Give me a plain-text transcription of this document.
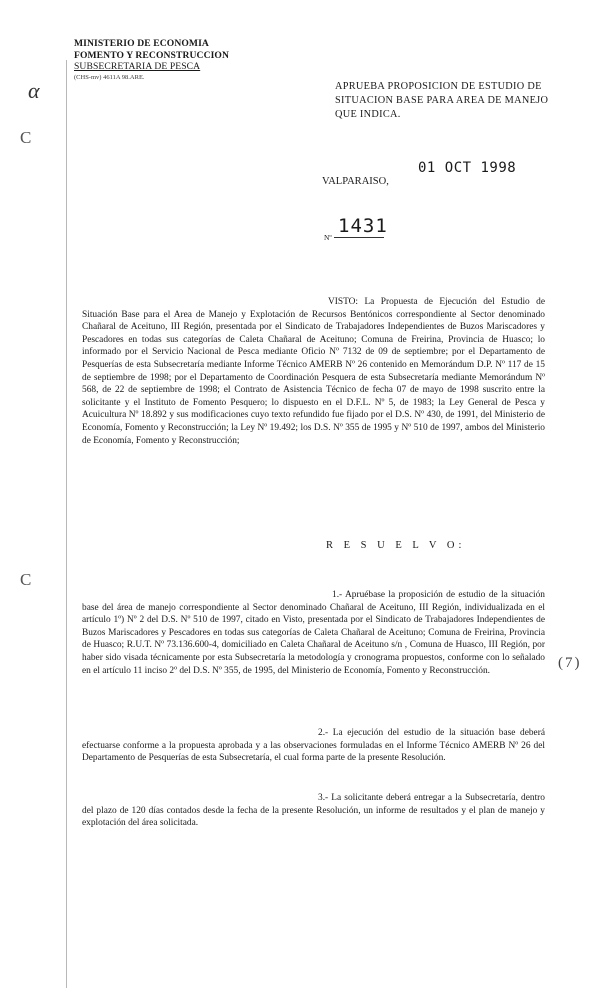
MINISTERIO DE ECONOMIA
FOMENTO Y RECONSTRUCCION
SUBSECRETARIA DE PESCA
(CHS-mv) 4611A 98.ARE.
α
C
C
APRUEBA PROPOSICION DE ESTUDIO DE SITUACION BASE PARA AREA DE MANEJO QUE INDICA.
01 OCT 1998
VALPARAISO,
Nº
1431
VISTO: La Propuesta de Ejecución del Estudio de Situación Base para el Area de Manejo y Explotación de Recursos Bentónicos correspondiente al Sector denominado Chañaral de Aceituno, III Región, presentada por el Sindicato de Trabajadores Independientes de Buzos Mariscadores y Pescadores en todas sus categorías de Caleta Chañaral de Aceituno; Comuna de Freirina, Provincia de Huasco; lo informado por el Servicio Nacional de Pesca mediante Oficio Nº 7132 de 09 de septiembre; por el Departamento de Pesquerías de esta Subsecretaría mediante Informe Técnico AMERB Nº 26 contenido en Memorándum D.P. Nº 117 de 15 de septiembre de 1998; por el Departamento de Coordinación Pesquera de esta Subsecretaría mediante Memorándum Nº 568, de 22 de septiembre de 1998; el Contrato de Asistencia Técnico de fecha 07 de mayo de 1998 suscrito entre la solicitante y el Instituto de Fomento Pesquero; lo dispuesto en el D.F.L. Nº 5, de 1983; la Ley General de Pesca y Acuicultura Nº 18.892 y sus modificaciones cuyo texto refundido fue fijado por el D.S. Nº 430, de 1991, del Ministerio de Economía, Fomento y Reconstrucción; la Ley Nº 19.492; los D.S. Nº 355 de 1995 y Nº 510 de 1997, ambos del Ministerio de Economía, Fomento y Reconstrucción;
R E S U E L V O:
1.- Apruébase la proposición de estudio de la situación base del área de manejo correspondiente al Sector denominado Chañaral de Aceituno, III Región, individualizada en el artículo 1º) Nº 2 del D.S. Nº 510 de 1997, citado en Visto, presentada por el Sindicato de Trabajadores Independientes de Buzos Mariscadores y Pescadores en todas sus categorías de Caleta Chañaral de Aceituno; Comuna de Freirina, Provincia de Huasco; R.U.T. Nº 73.136.600-4, domiciliado en Caleta Chañaral de Aceituno s/n , Comuna de Huasco, III Región, por haber sido visada técnicamente por esta Subsecretaría la metodología y cronograma propuestos, conforme con lo señalado en el artículo 11 inciso 2º del D.S. Nº 355, de 1995, del Ministerio de Economía, Fomento y Reconstrucción.
2.- La ejecución del estudio de la situación base deberá efectuarse conforme a la propuesta aprobada y a las observaciones formuladas en el Informe Técnico AMERB Nº 26 del Departamento de Pesquerías de esta Subsecretaría, el cual forma parte de la presente Resolución.
3.- La solicitante deberá entregar a la Subsecretaría, dentro del plazo de 120 días contados desde la fecha de la presente Resolución, un informe de resultados y el plan de manejo y explotación del área solicitada.
(7)
